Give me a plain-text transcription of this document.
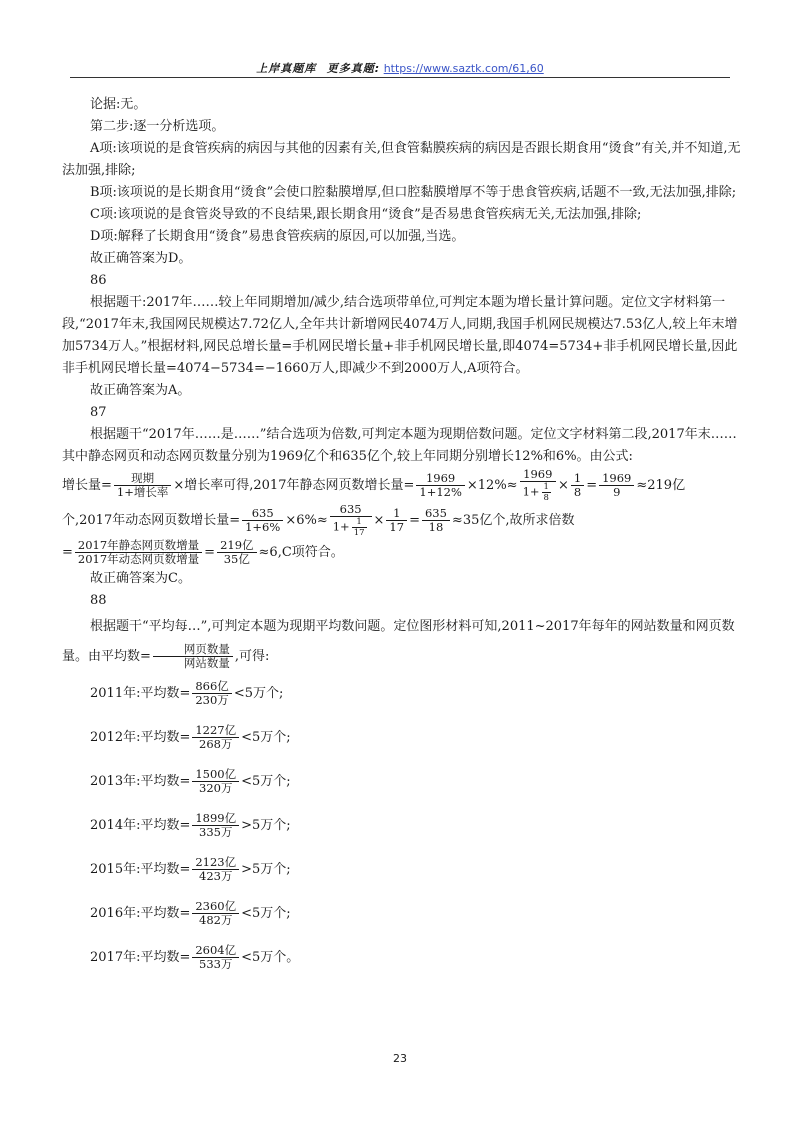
上岸真题库 更多真题: https://www.saztk.com/61,60

论据:无。

第二步:逐一分析选项。

A项:该项说的是食管疾病的病因与其他的因素有关,但食管黏膜疾病的病因是否跟长期食用“烫食”有关,并不知道,无法加强,排除;

B项:该项说的是长期食用“烫食”会使口腔黏膜增厚,但口腔黏膜增厚不等于患食管疾病,话题不一致,无法加强,排除;

C项:该项说的是食管炎导致的不良结果,跟长期食用“烫食”是否易患食管疾病无关,无法加强,排除;

D项:解释了长期食用“烫食”易患食管疾病的原因,可以加强,当选。

故正确答案为D。

86

根据题干:2017年……较上年同期增加/减少,结合选项带单位,可判定本题为增长量计算问题。定位文字材料第一段,“2017年末,我国网民规模达7.72亿人,全年共计新增网民4074万人,同期,我国手机网民规模达7.53亿人,较上年末增加5734万人。”根据材料,网民总增长量=手机网民增长量+非手机网民增长量,即4074=5734+非手机网民增长量,因此非手机网民增长量=4074−5734=−1660万人,即减少不到2000万人,A项符合。

故正确答案为A。

87

根据题干“2017年……是……”结合选项为倍数,可判定本题为现期倍数问题。定位文字材料第二段,2017年末……其中静态网页和动态网页数量分别为1969亿个和635亿个,较上年同期分别增长12%和6%。由公式:

增长量= $\frac{\text{现期}}{\text{1+增长率}}$ ×增长率可得,2017年静态网页数增长量= $\frac{1969}{1+12\%} \times 12\%\approx \frac{1969}{1+ \frac{1}{8}} \times \frac{1}{8} = \frac{1969}{9} \approx 219$亿

个,2017年动态网页数增长量= $\frac{635}{1+6\%} \times 6\%\approx \frac{635}{1+ \frac{1}{17}} \times \frac{1}{17} = \frac{635}{18} \approx 35$亿个,故所求倍数

= $\frac{\text{2017年静态网页数增量}}{\text{2017年动态网页数增量}} = \frac{\text{219亿}}{\text{35亿}} \approx 6,C$项符合。

故正确答案为C。

88

根据题干“平均每…”,可判定本题为现期平均数问题。定位图形材料可知,2011~2017年每年的网站数量和网页数量。由平均数= $\frac{\text{网页数量}}{\text{网站数量}}$ ,可得:

2011年:平均数= $\frac{\text{866亿}}{\text{230万}} <5$万个;

2012年:平均数= $\frac{\text{1227亿}}{\text{268万}} <5$万个;

2013年:平均数= $\frac{\text{1500亿}}{\text{320万}} <5$万个;

2014年:平均数= $\frac{\text{1899亿}}{\text{335万}} >5$万个;

2015年:平均数= $\frac{\text{2123亿}}{\text{423万}} >5$万个;

2016年:平均数= $\frac{\text{2360亿}}{\text{482万}} <5$万个;

2017年:平均数= $\frac{\text{2604亿}}{\text{533万}} <5$万个。

23
